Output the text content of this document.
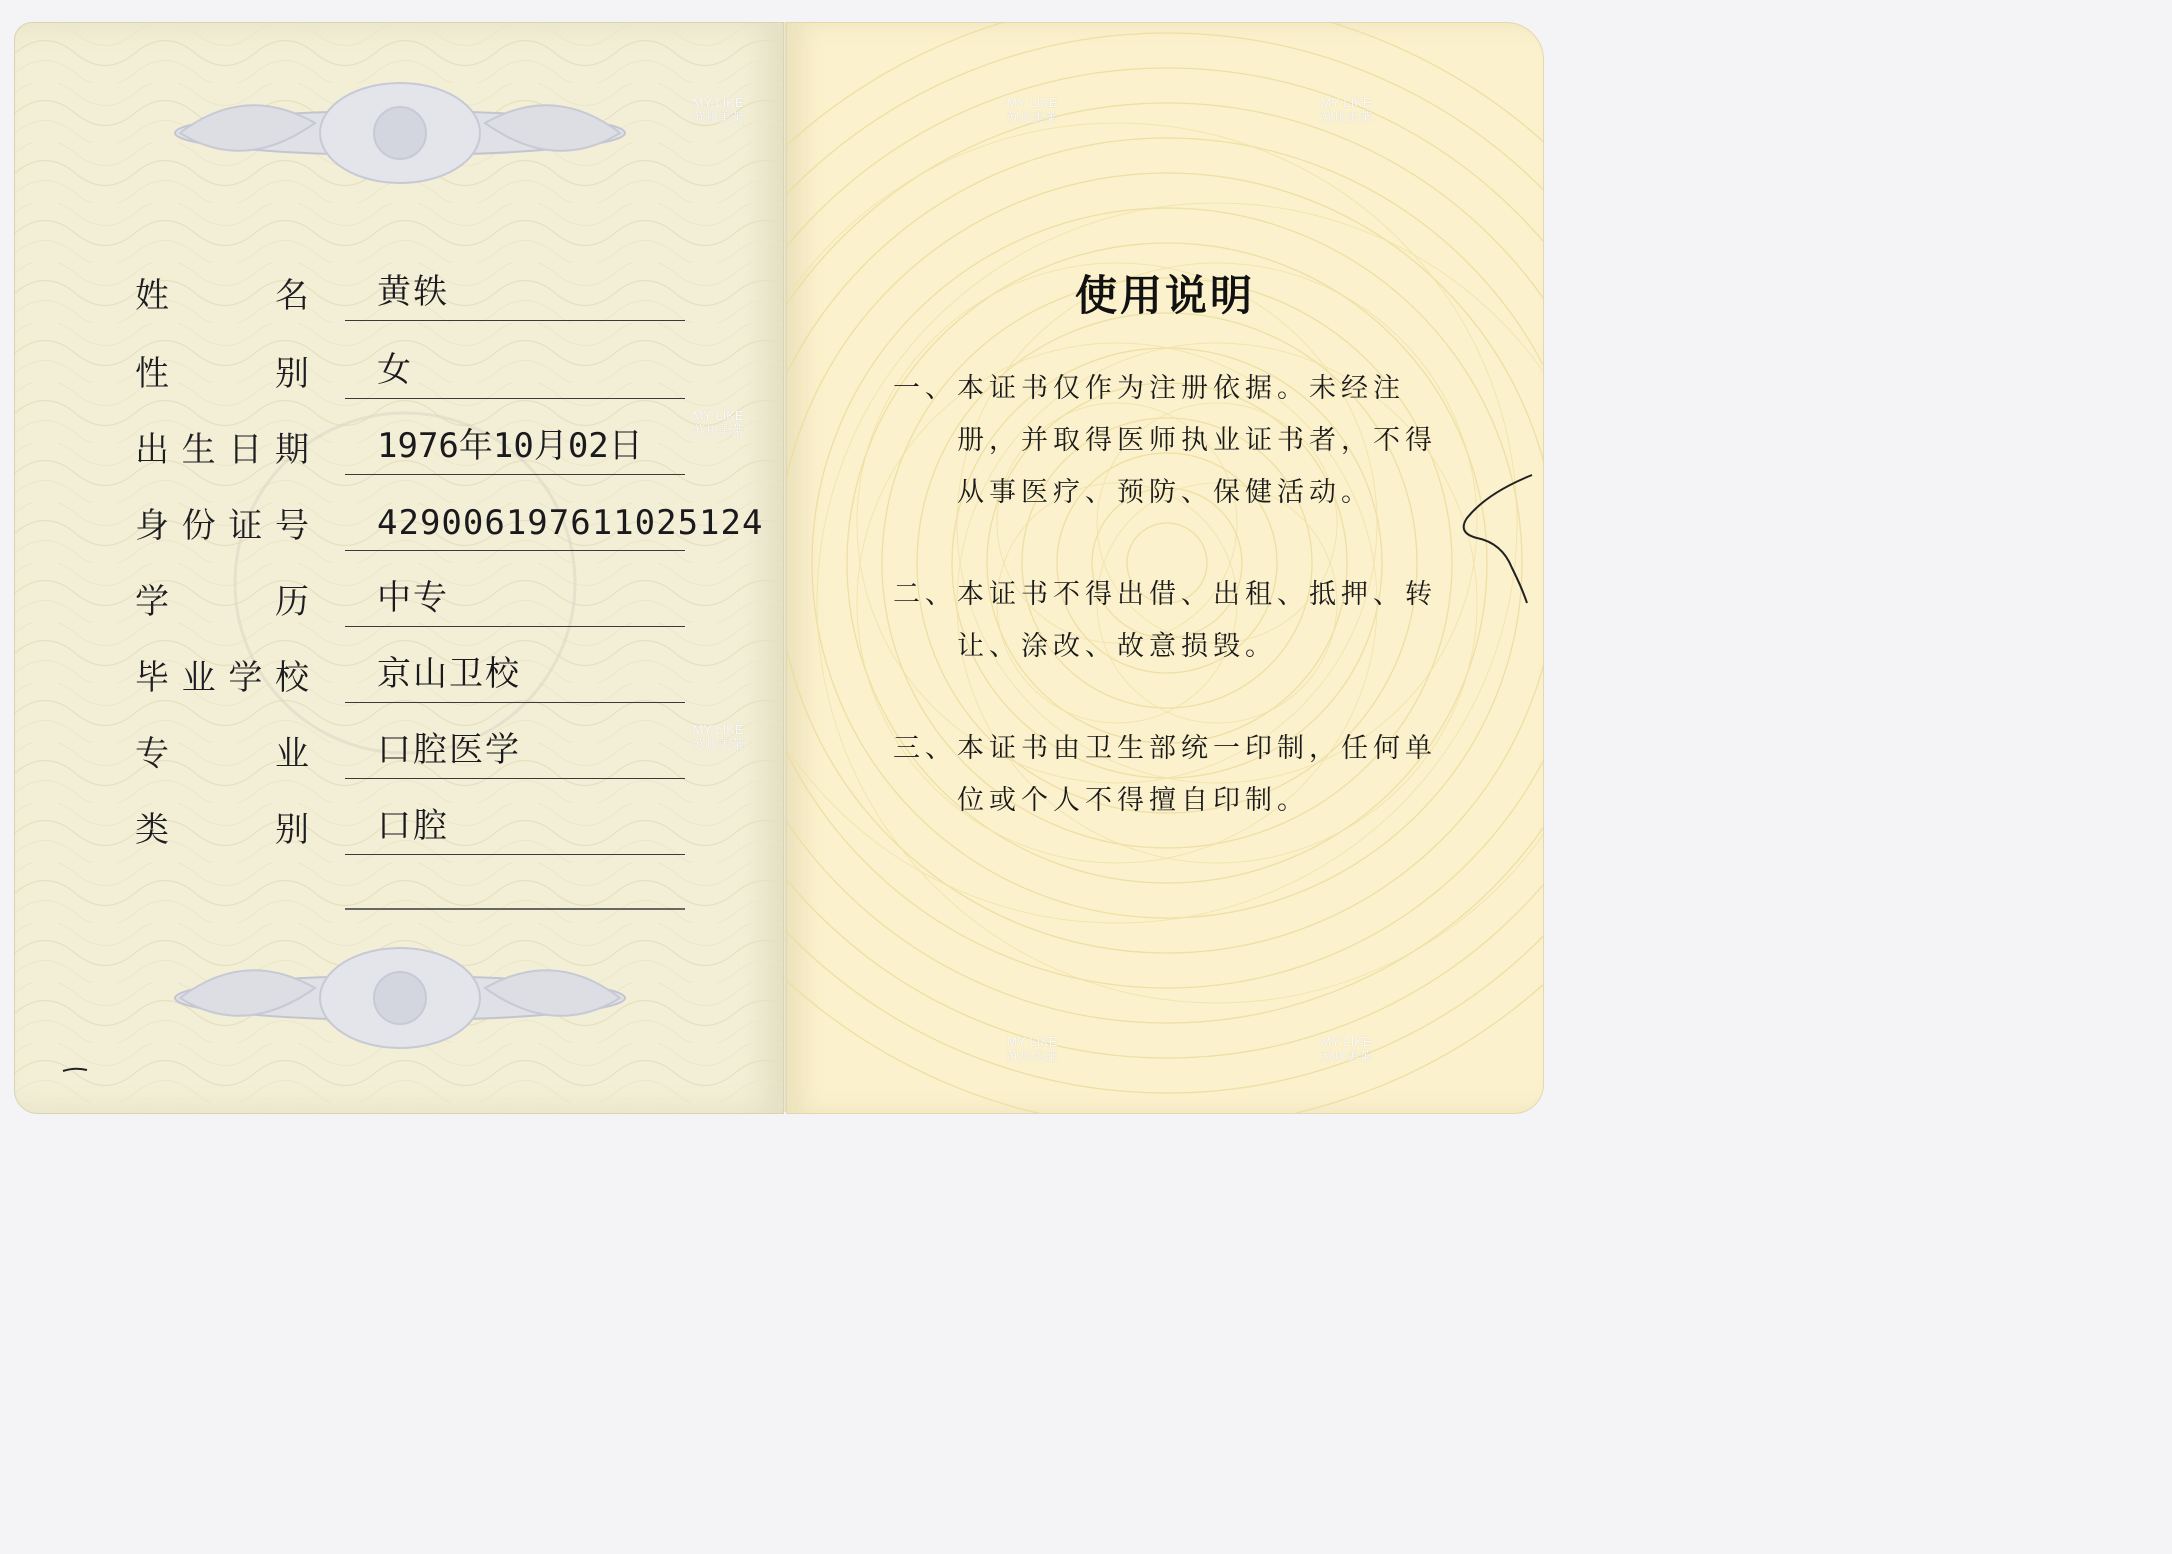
姓名 黄轶
性别 女
出生日期 1976年10月02日
身份证号 429006197611025124
学历 中专
毕业学校 京山卫校
专业 口腔医学
类别 口腔
使用说明
一、 本证书仅作为注册依据。未经注册，并取得医师执业证书者，不得从事医疗、预防、保健活动。
二、 本证书不得出借、出租、抵押、转让、涂改、故意损毁。
三、 本证书由卫生部统一印制，任何单位或个人不得擅自印制。
MY LIKE
苏州美莱
MY LIKE
苏州美莱
MY LIKE
苏州美莱
MY LIKE
苏州美莱
MY LIKE
苏州美莱
MY LIKE
苏州美莱
MY LIKE
苏州美莱
